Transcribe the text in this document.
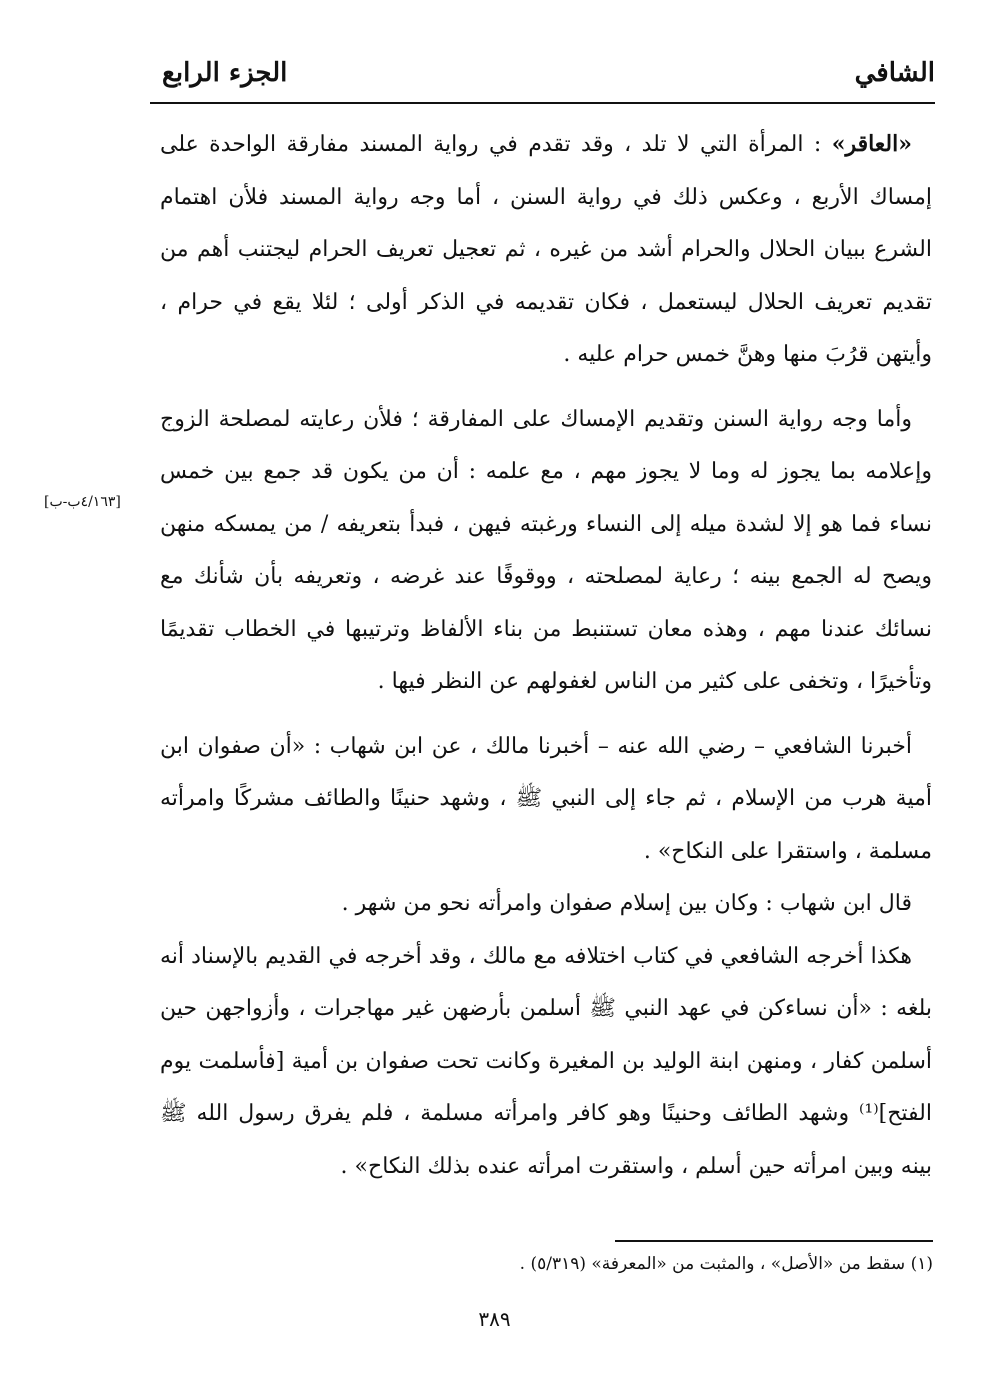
الشافي
الجزء الرابع
[٤/١٦٣ب-ب]

«العاقر» : المرأة التي لا تلد ، وقد تقدم في رواية المسند مفارقة الواحدة على إمساك الأربع ، وعكس ذلك في رواية السنن ، أما وجه رواية المسند فلأن اهتمام الشرع ببيان الحلال والحرام أشد من غيره ، ثم تعجيل تعريف الحرام ليجتنب أهم من تقديم تعريف الحلال ليستعمل ، فكان تقديمه في الذكر أولى ؛ لئلا يقع في حرام ، وأيتهن قرُبَ منها وهنَّ خمس حرام عليه .

وأما وجه رواية السنن وتقديم الإمساك على المفارقة ؛ فلأن رعايته لمصلحة الزوج وإعلامه بما يجوز له وما لا يجوز مهم ، مع علمه : أن من يكون قد جمع بين خمس نساء فما هو إلا لشدة ميله إلى النساء ورغبته فيهن ، فبدأ بتعريفه / من يمسكه منهن ويصح له الجمع بينه ؛ رعاية لمصلحته ، ووقوفًا عند غرضه ، وتعريفه بأن شأنك مع نسائك عندنا مهم ، وهذه معان تستنبط من بناء الألفاظ وترتيبها في الخطاب تقديمًا وتأخيرًا ، وتخفى على كثير من الناس لغفولهم عن النظر فيها .

أخبرنا الشافعي – رضي الله عنه – أخبرنا مالك ، عن ابن شهاب : «أن صفوان ابن أمية هرب من الإسلام ، ثم جاء إلى النبي ﷺ ، وشهد حنينًا والطائف مشركًا وامرأته مسلمة ، واستقرا على النكاح» .

قال ابن شهاب : وكان بين إسلام صفوان وامرأته نحو من شهر .

هكذا أخرجه الشافعي في كتاب اختلافه مع مالك ، وقد أخرجه في القديم بالإسناد أنه بلغه : «أن نساءكن في عهد النبي ﷺ أسلمن بأرضهن غير مهاجرات ، وأزواجهن حين أسلمن كفار ، ومنهن ابنة الوليد بن المغيرة وكانت تحت صفوان بن أمية [فأسلمت يوم الفتح]⁽¹⁾ وشهد الطائف وحنينًا وهو كافر وامرأته مسلمة ، فلم يفرق رسول الله ﷺ بينه وبين امرأته حين أسلم ، واستقرت امرأته عنده بذلك النكاح» .

(١) سقط من «الأصل» ، والمثبت من «المعرفة» (٥/٣١٩) .
٣٨٩
